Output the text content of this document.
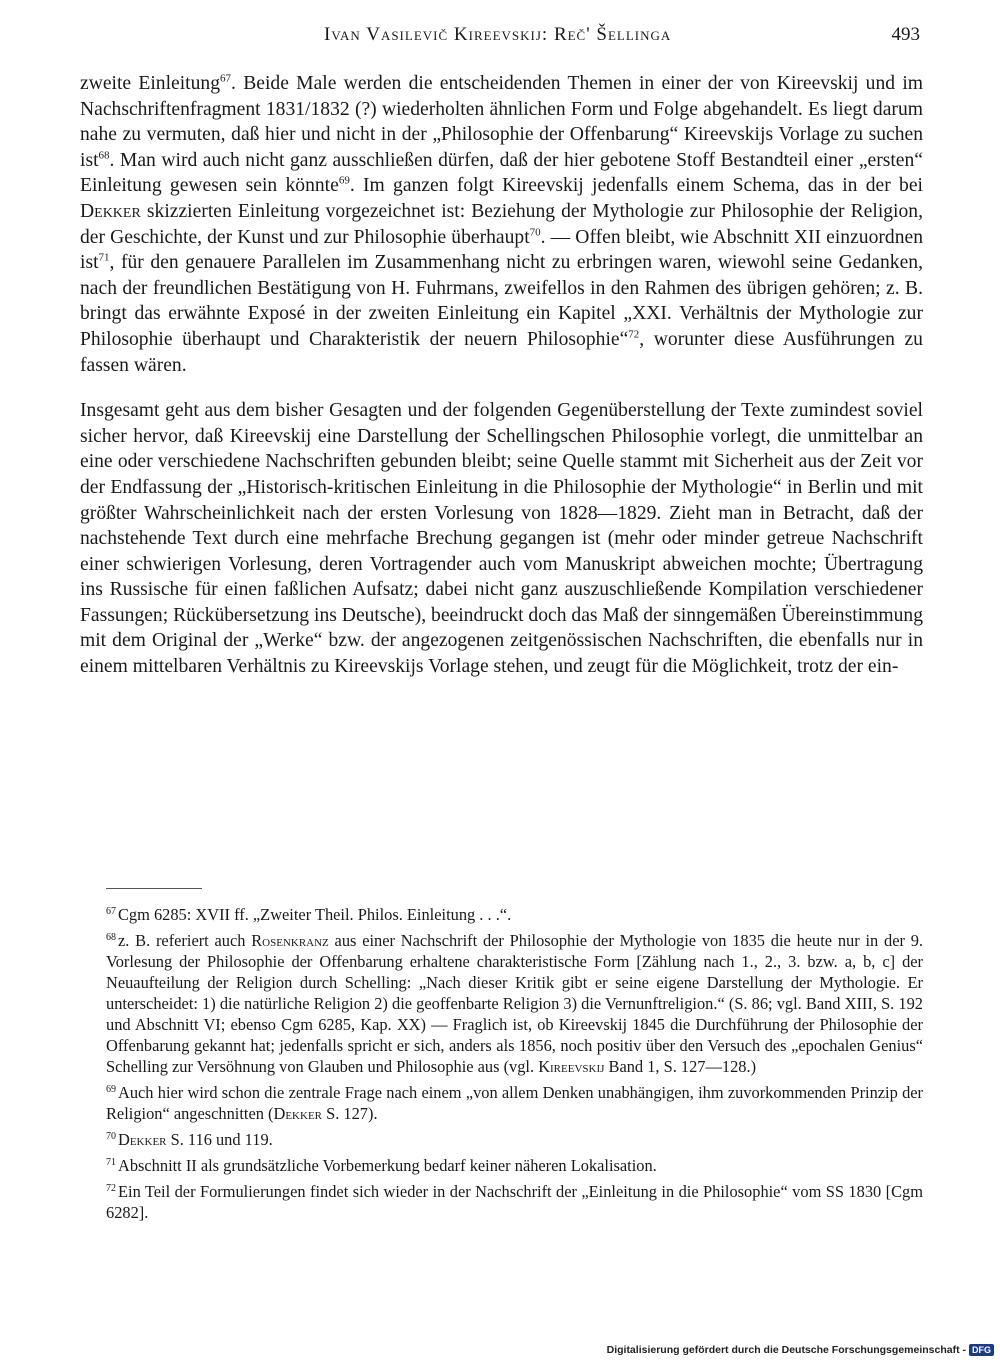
Ivan Vasilevič Kireevskij: Reč' Šellinga	493

zweite Einleitung$^{67}$. Beide Male werden die entscheidenden Themen in einer der von Kireevskij und im Nachschriftenfragment 1831/1832 (?) wiederholten ähnlichen Form und Folge abgehandelt. Es liegt darum nahe zu vermuten, daß hier und nicht in der „Philosophie der Offenbarung“ Kireevskijs Vorlage zu suchen ist$^{68}$. Man wird auch nicht ganz ausschließen dürfen, daß der hier gebotene Stoff Bestandteil einer „ersten“ Einleitung gewesen sein könnte$^{69}$. Im ganzen folgt Kireevskij jedenfalls einem Schema, das in der bei Dekker skizzierten Einleitung vorgezeichnet ist: Beziehung der Mythologie zur Philosophie der Religion, der Geschichte, der Kunst und zur Philosophie überhaupt$^{70}$. — Offen bleibt, wie Abschnitt XII einzuordnen ist$^{71}$, für den genauere Parallelen im Zusammenhang nicht zu erbringen waren, wiewohl seine Gedanken, nach der freundlichen Bestätigung von H. Fuhrmans, zweifellos in den Rahmen des übrigen gehören; z. B. bringt das erwähnte Exposé in der zweiten Einleitung ein Kapitel „XXI. Verhältnis der Mythologie zur Philosophie überhaupt und Charakteristik der neuern Philosophie“$^{72}$, worunter diese Ausführungen zu fassen wären.

Insgesamt geht aus dem bisher Gesagten und der folgenden Gegenüberstellung der Texte zumindest soviel sicher hervor, daß Kireevskij eine Darstellung der Schellingschen Philosophie vorlegt, die unmittelbar an eine oder verschiedene Nachschriften gebunden bleibt; seine Quelle stammt mit Sicherheit aus der Zeit vor der Endfassung der „Historisch-kritischen Einleitung in die Philosophie der Mythologie“ in Berlin und mit größter Wahrscheinlichkeit nach der ersten Vorlesung von 1828—1829. Zieht man in Betracht, daß der nachstehende Text durch eine mehrfache Brechung gegangen ist (mehr oder minder getreue Nachschrift einer schwierigen Vorlesung, deren Vortragender auch vom Manuskript abweichen mochte; Übertragung ins Russische für einen faßlichen Aufsatz; dabei nicht ganz auszuschließende Kompilation verschiedener Fassungen; Rückübersetzung ins Deutsche), beeindruckt doch das Maß der sinngemäßen Übereinstimmung mit dem Original der „Werke“ bzw. der angezogenen zeitgenössischen Nachschriften, die ebenfalls nur in einem mittelbaren Verhältnis zu Kireevskijs Vorlage stehen, und zeugt für die Möglichkeit, trotz der ein-

$^{67}$ Cgm 6285: XVII ff. „Zweiter Theil. Philos. Einleitung . . .“.

$^{68}$ z. B. referiert auch Rosenkranz aus einer Nachschrift der Philosophie der Mythologie von 1835 die heute nur in der 9. Vorlesung der Philosophie der Offenbarung erhaltene charakteristische Form [Zählung nach 1., 2., 3. bzw. a, b, c] der Neuaufteilung der Religion durch Schelling: „Nach dieser Kritik gibt er seine eigene Darstellung der Mythologie. Er unterscheidet: 1) die natürliche Religion 2) die geoffenbarte Religion 3) die Vernunftreligion.“ (S. 86; vgl. Band XIII, S. 192 und Abschnitt VI; ebenso Cgm 6285, Kap. XX) — Fraglich ist, ob Kireevskij 1845 die Durchführung der Philosophie der Offenbarung gekannt hat; jedenfalls spricht er sich, anders als 1856, noch positiv über den Versuch des „epochalen Genius“ Schelling zur Versöhnung von Glauben und Philosophie aus (vgl. Kireevskij Band 1, S. 127—128.)

$^{69}$ Auch hier wird schon die zentrale Frage nach einem „von allem Denken unabhängigen, ihm zuvorkommenden Prinzip der Religion“ angeschnitten (Dekker S. 127).

$^{70}$ Dekker S. 116 und 119.

$^{71}$ Abschnitt II als grundsätzliche Vorbemerkung bedarf keiner näheren Lokalisation.

$^{72}$ Ein Teil der Formulierungen findet sich wieder in der Nachschrift der „Einleitung in die Philosophie“ vom SS 1830 [Cgm 6282].

Digitalisierung gefördert durch die Deutsche Forschungsgemeinschaft - DFG
